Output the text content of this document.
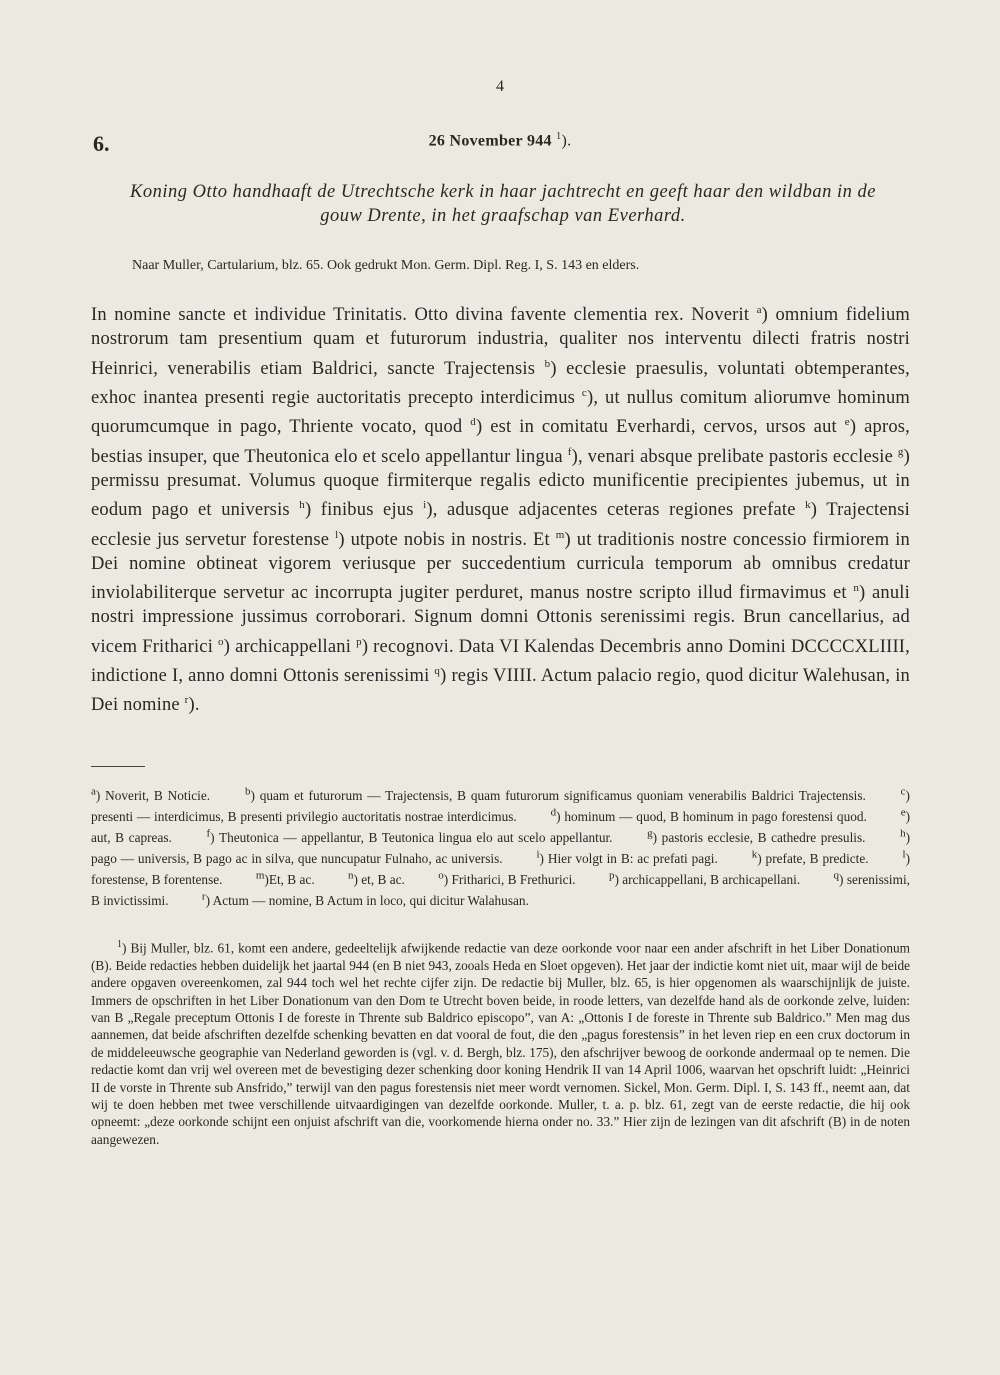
4
6.	26 November 944 $^1$).
Koning Otto handhaaft de Utrechtsche kerk in haar jachtrecht en geeft haar den wildban in de gouw Drente, in het graafschap van Everhard.
Naar Muller, Cartularium, blz. 65. Ook gedrukt Mon. Germ. Dipl. Reg. I, S. 143 en elders.
In nomine sancte et individue Trinitatis. Otto divina favente clementia rex. Noverit $^a$) omnium fidelium nostrorum tam presentium quam et futurorum industria, qualiter nos interventu dilecti fratris nostri Heinrici, venerabilis etiam Baldrici, sancte Trajectensis $^b$) ecclesie praesulis, voluntati obtemperantes, exhoc inantea presenti regie auctoritatis precepto interdicimus $^c$), ut nullus comitum aliorumve hominum quorumcumque in pago, Thriente vocato, quod $^d$) est in comitatu Everhardi, cervos, ursos aut $^e$) apros, bestias insuper, que Theutonica elo et scelo appellantur lingua $^f$), venari absque prelibate pastoris ecclesie $^g$) permissu presumat. Volumus quoque firmiterque regalis edicto munificentie precipientes jubemus, ut in eodum pago et universis $^h$) finibus ejus $^i$), adusque adjacentes ceteras regiones prefate $^k$) Trajectensi ecclesie jus servetur forestense $^l$) utpote nobis in nostris. Et $^m$) ut traditionis nostre concessio firmiorem in Dei nomine obtineat vigorem veriusque per succedentium curricula temporum ab omnibus credatur inviolabiliterque servetur ac incorrupta jugiter perduret, manus nostre scripto illud firmavimus et $^n$) anuli nostri impressione jussimus corroborari. Signum domni Ottonis serenissimi regis. Brun cancellarius, ad vicem Fritharici $^o$) archicappellani $^p$) recognovi. Data VI Kalendas Decembris anno Domini DCCCCXLIIII, indictione I, anno domni Ottonis serenissimi $^q$) regis VIIII. Actum palacio regio, quod dicitur Walehusan, in Dei nomine $^r$).
$^a$) Noverit, B Noticie.	$^b$) quam et futurorum — Trajectensis, B quam futurorum significamus quoniam venerabilis Baldrici Trajectensis.	$^c$) presenti — interdicimus, B presenti privilegio auctoritatis nostrae interdicimus.	$^d$) hominum — quod, B hominum in pago forestensi quod.	$^e$) aut, B capreas.	$^f$) Theutonica — appellantur, B Teutonica lingua elo aut scelo appellantur.	$^g$) pastoris ecclesie, B cathedre presulis.	$^h$) pago — universis, B pago ac in silva, que nuncupatur Fulnaho, ac universis.	$^i$) Hier volgt in B: ac prefati pagi.	$^k$) prefate, B predicte.	$^l$) forestense, B forentense.	$^m$)Et, B ac.	$^n$) et, B ac.	$^o$) Fritharici, B Frethurici.	$^p$) archicappellani, B archicapellani.	$^q$) serenissimi, B invictissimi.	$^r$) Actum — nomine, B Actum in loco, qui dicitur Walahusan.

$^1$) Bij Muller, blz. 61, komt een andere, gedeeltelijk afwijkende redactie van deze oorkonde voor naar een ander afschrift in het Liber Donationum (B). Beide redacties hebben duidelijk het jaartal 944 (en B niet 943, zooals Heda en Sloet opgeven). Het jaar der indictie komt niet uit, maar wijl de beide andere opgaven overeenkomen, zal 944 toch wel het rechte cijfer zijn. De redactie bij Muller, blz. 65, is hier opgenomen als waarschijnlijk de juiste. Immers de opschriften in het Liber Donationum van den Dom te Utrecht boven beide, in roode letters, van dezelfde hand als de oorkonde zelve, luiden: van B „Regale preceptum Ottonis I de foreste in Thrente sub Baldrico episcopo”, van A: „Ottonis I de foreste in Thrente sub Baldrico.” Men mag dus aannemen, dat beide afschriften dezelfde schenking bevatten en dat vooral de fout, die den „pagus forestensis” in het leven riep en een crux doctorum in de middeleeuwsche geographie van Nederland geworden is (vgl. v. d. Bergh, blz. 175), den afschrijver bewoog de oorkonde andermaal op te nemen. Die redactie komt dan vrij wel overeen met de bevestiging dezer schenking door koning Hendrik II van 14 April 1006, waarvan het opschrift luidt: „Heinrici II de vorste in Thrente sub Ansfrido,” terwijl van den pagus forestensis niet meer wordt vernomen. Sickel, Mon. Germ. Dipl. I, S. 143 ff., neemt aan, dat wij te doen hebben met twee verschillende uitvaardigingen van dezelfde oorkonde. Muller, t. a. p. blz. 61, zegt van de eerste redactie, die hij ook opneemt: „deze oorkonde schijnt een onjuist afschrift van die, voorkomende hierna onder no. 33.” Hier zijn de lezingen van dit afschrift (B) in de noten aangewezen.
